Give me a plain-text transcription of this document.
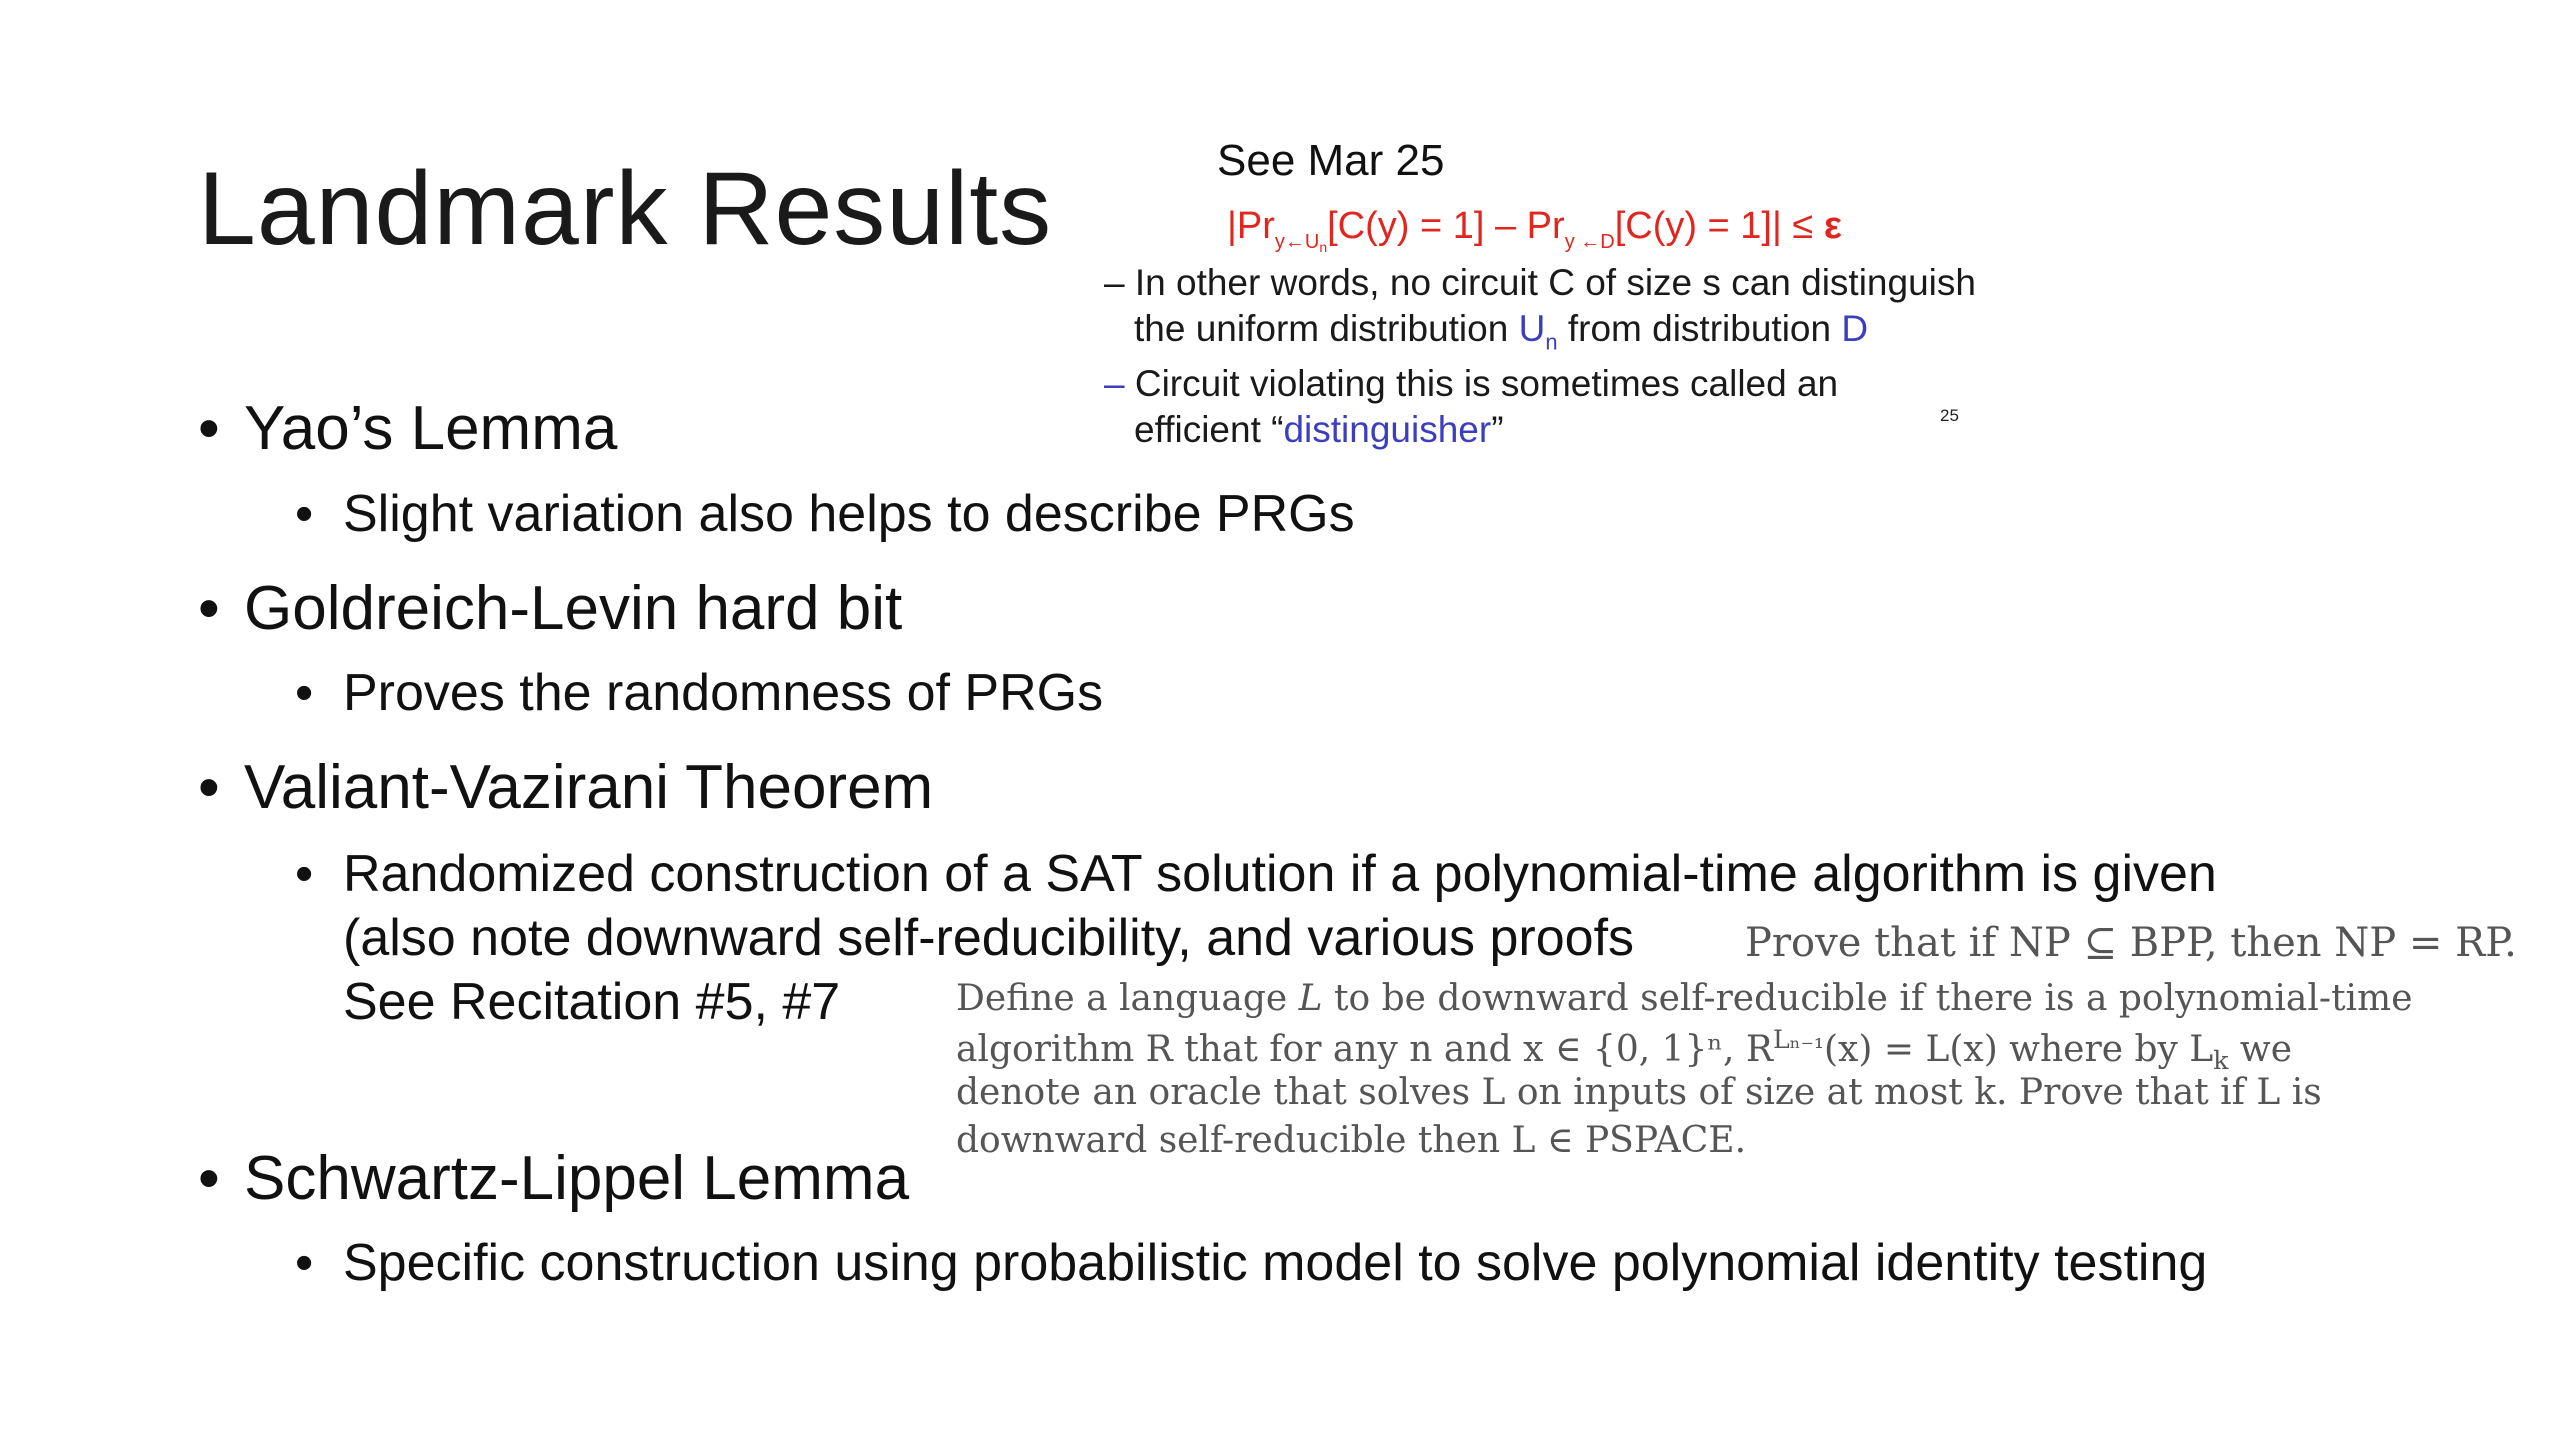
Landmark Results	See Mar 25
$|Pr_{y\leftarrow U_n}[C(y) = 1] - Pr_{y \leftarrow D}[C(y) = 1]| \le \varepsilon$
– In other words, no circuit C of size s can distinguish
the uniform distribution $U_n$ from distribution D
– Circuit violating this is sometimes called an
efficient “distinguisher”	25
• Yao’s Lemma
• Slight variation also helps to describe PRGs
• Goldreich-Levin hard bit
• Proves the randomness of PRGs
• Valiant-Vazirani Theorem
• Randomized construction of a SAT solution if a polynomial-time algorithm is given
(also note downward self-reducibility, and various proofs
See Recitation #5, #7
• Schwartz-Lippel Lemma
• Specific construction using probabilistic model to solve polynomial identity testing
Prove that if NP ⊆ BPP, then NP = RP.
Define a language L to be downward self-reducible if there is a polynomial-time
algorithm R that for any n and x ∈ {0, 1}ⁿ, $R^{L_{n-1}}(x) = L(x)$ where by $L_k$ we
denote an oracle that solves L on inputs of size at most k. Prove that if L is
downward self-reducible then L ∈ PSPACE.
